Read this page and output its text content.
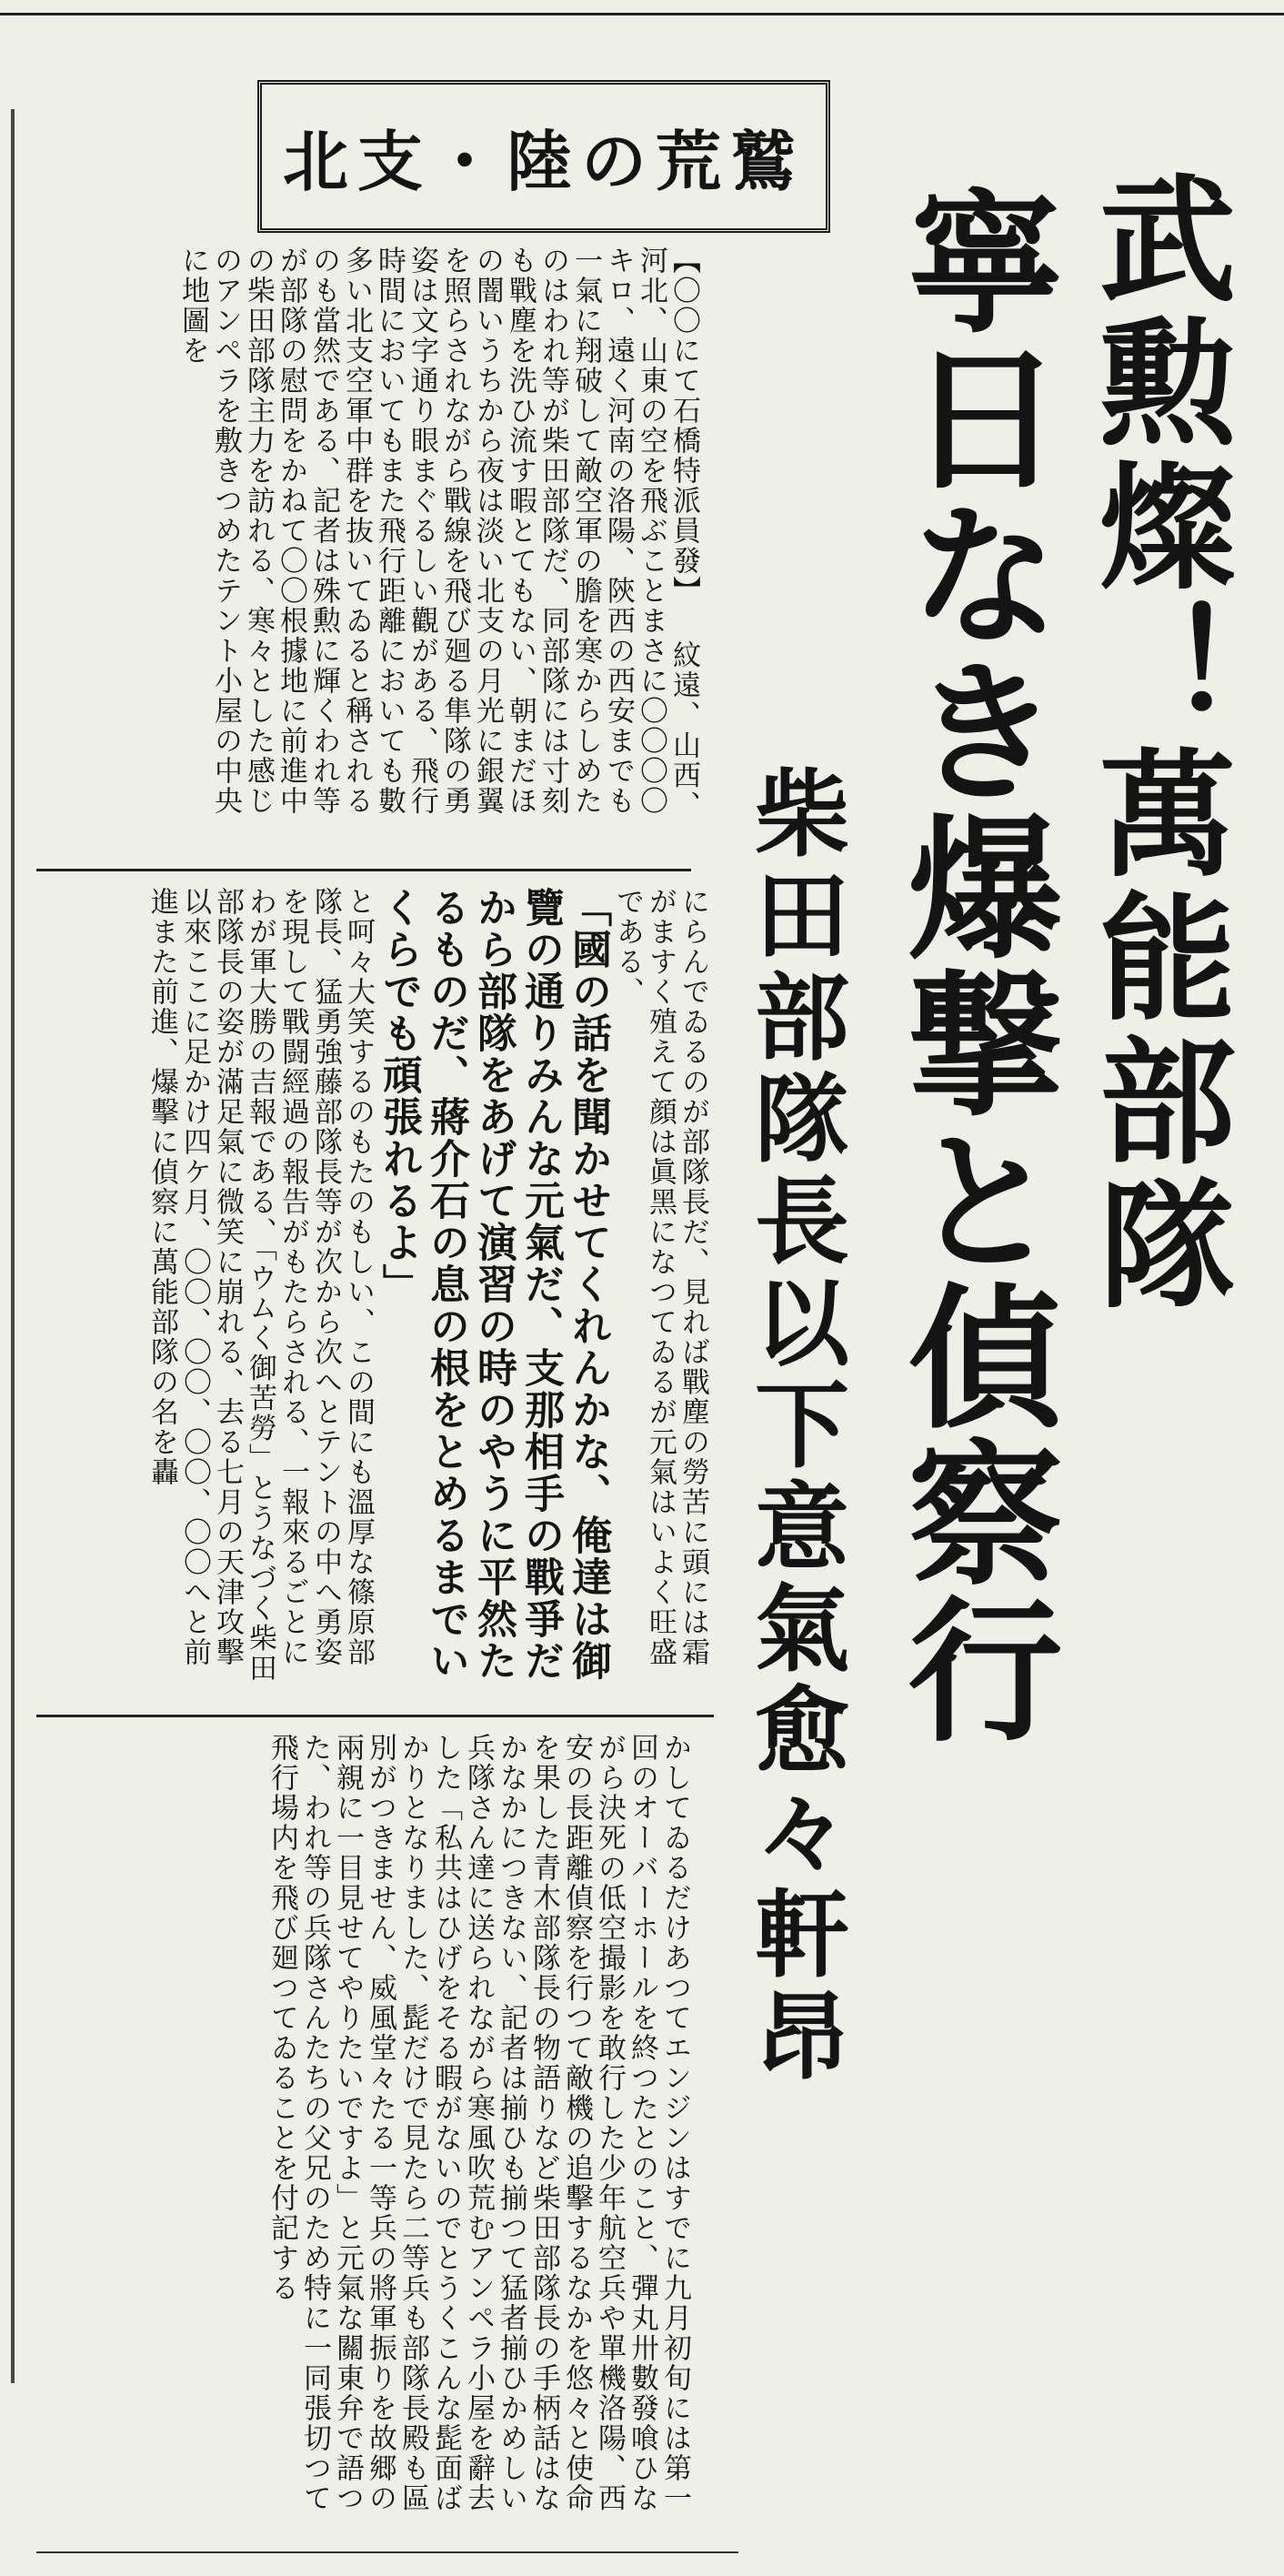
武勲燦！萬能部隊
寧日なき爆撃と偵察行
柴田部隊長以下意氣愈々軒昂
北支・陸の荒鷲

【〇〇にて石橋特派員發】 紋遠、山西、河北、山東の空を飛ぶことまさに〇〇〇〇キロ、遠く河南の洛陽、陝西の西安までも一氣に翔破して敵空軍の膽を寒からしめたのはわれ等が柴田部隊だ、同部隊には寸刻も戰塵を洗ひ流す暇とてもない、朝まだほの闇いうちから夜は淡い北支の月光に銀翼を照らされながら戰線を飛び廻る隼隊の勇姿は文字通り眼まぐるしい觀がある、飛行時間においてもまた飛行距離においても數多い北支空軍中群を抜いてゐると稱されるのも當然である、記者は殊勲に輝くわれ等が部隊の慰問をかねて〇〇根據地に前進中の柴田部隊主力を訪れる、寒々とした感じのアンペラを敷きつめたテント小屋の中央に地圖を

にらんでゐるのが部隊長だ、見れば戰塵の勞苦に頭には霜がますく殖えて顔は眞黑になつてゐるが元氣はいよく旺盛である、

「國の話を聞かせてくれんかな、俺達は御覽の通りみんな元氣だ、支那相手の戰爭だから部隊をあげて演習の時のやうに平然たるものだ、蔣介石の息の根をとめるまでいくらでも頑張れるよ」

と呵々大笑するのもたのもしい、この間にも溫厚な篠原部隊長、猛勇強藤部隊長等が次から次へとテントの中へ勇姿を現して戰闘經過の報告がもたらされる、一報來るごとにわが軍大勝の吉報である、「ウムく御苦勞」とうなづく柴田部隊長の姿が滿足氣に微笑に崩れる、去る七月の天津攻擊以來ここに足かけ四ケ月、〇〇、〇〇、〇〇、〇〇へと前進また前進、爆擊に偵察に萬能部隊の名を轟

かしてゐるだけあつてエンジンはすでに九月初旬には第一回のオーバーホールを終つたとのこと、彈丸卅數發喰ひながら決死の低空撮影を敢行した少年航空兵や單機洛陽、西安の長距離偵察を行つて敵機の追擊するなかを悠々と使命を果した青木部隊長の物語りなど柴田部隊長の手柄話はなかなかにつきない、記者は揃ひも揃つて猛者揃ひかめしい兵隊さん達に送られながら寒風吹荒むアンペラ小屋を辭去した「私共はひげをそる暇がないのでとうくこんな髭面ばかりとなりました、髭だけで見たら二等兵も部隊長殿も區別がつきません、威風堂々たる一等兵の將軍振りを故郷の兩親に一目見せてやりたいですよ」と元氣な關東弁で語つた、われ等の兵隊さんたちの父兄のため特に一同張切つて飛行場内を飛び廻つてゐることを付記する
